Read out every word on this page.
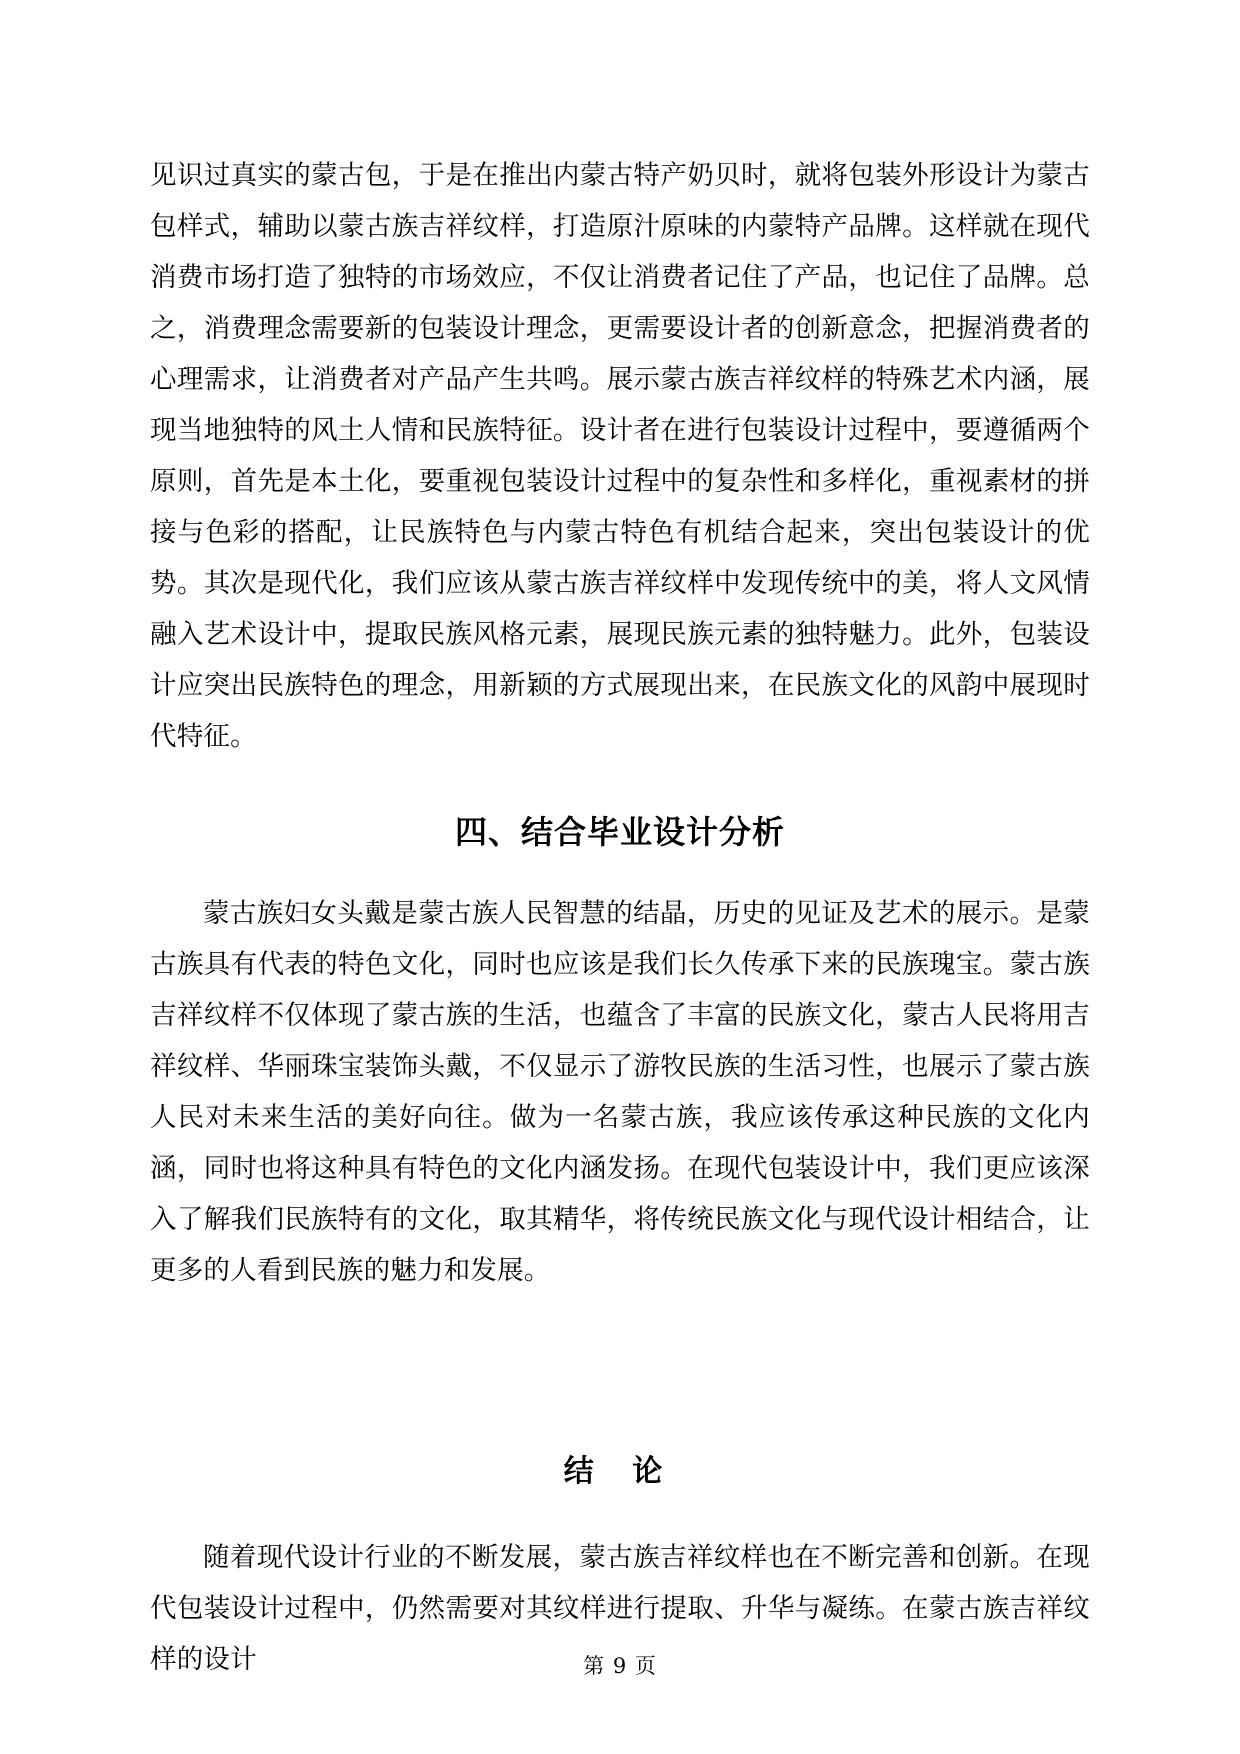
见识过真实的蒙古包，于是在推出内蒙古特产奶贝时，就将包装外形设计为蒙古包样式，辅助以蒙古族吉祥纹样，打造原汁原味的内蒙特产品牌。这样就在现代消费市场打造了独特的市场效应，不仅让消费者记住了产品，也记住了品牌。总之，消费理念需要新的包装设计理念，更需要设计者的创新意念，把握消费者的心理需求，让消费者对产品产生共鸣。展示蒙古族吉祥纹样的特殊艺术内涵，展现当地独特的风土人情和民族特征。设计者在进行包装设计过程中，要遵循两个原则，首先是本土化，要重视包装设计过程中的复杂性和多样化，重视素材的拼接与色彩的搭配，让民族特色与内蒙古特色有机结合起来，突出包装设计的优势。其次是现代化，我们应该从蒙古族吉祥纹样中发现传统中的美，将人文风情融入艺术设计中，提取民族风格元素，展现民族元素的独特魅力。此外，包装设计应突出民族特色的理念，用新颖的方式展现出来，在民族文化的风韵中展现时代特征。

四、结合毕业设计分析

蒙古族妇女头戴是蒙古族人民智慧的结晶，历史的见证及艺术的展示。是蒙古族具有代表的特色文化，同时也应该是我们长久传承下来的民族瑰宝。蒙古族吉祥纹样不仅体现了蒙古族的生活，也蕴含了丰富的民族文化，蒙古人民将用吉祥纹样、华丽珠宝装饰头戴，不仅显示了游牧民族的生活习性，也展示了蒙古族人民对未来生活的美好向往。做为一名蒙古族，我应该传承这种民族的文化内涵，同时也将这种具有特色的文化内涵发扬。在现代包装设计中，我们更应该深入了解我们民族特有的文化，取其精华，将传统民族文化与现代设计相结合，让更多的人看到民族的魅力和发展。

结 论

随着现代设计行业的不断发展，蒙古族吉祥纹样也在不断完善和创新。在现代包装设计过程中，仍然需要对其纹样进行提取、升华与凝练。在蒙古族吉祥纹样的设计	第 9 页
